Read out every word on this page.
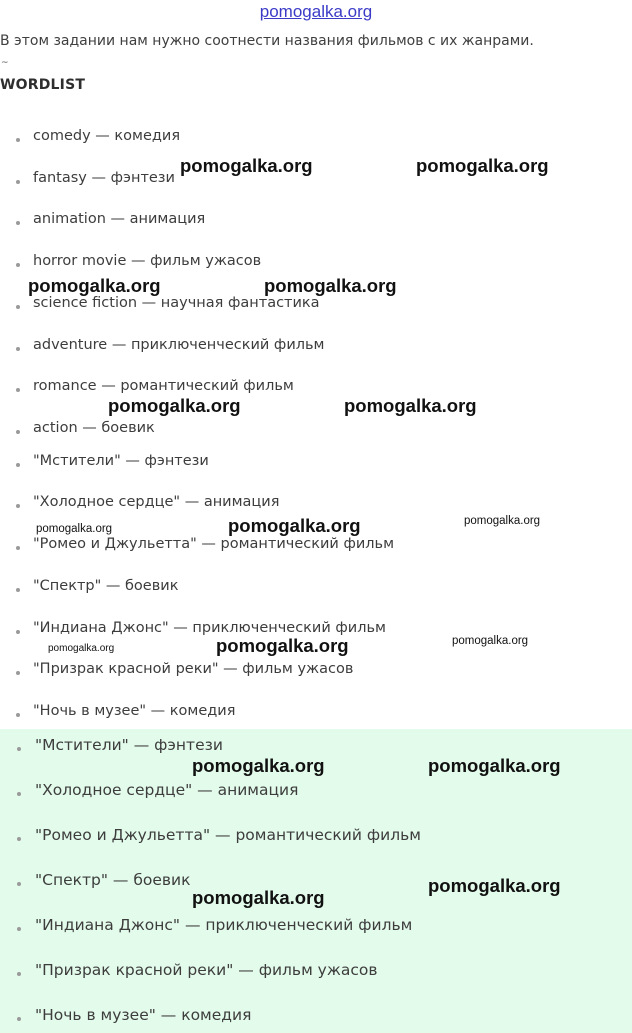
pomogalka.org
В этом задании нам нужно соотнести названия фильмов с их жанрами.
~
WORDLIST
comedy — комедия
fantasy — фэнтези
animation — анимация
horror movie — фильм ужасов
science fiction — научная фантастика
adventure — приключенческий фильм
romance — романтический фильм
action — боевик
"Мстители" — фэнтези
"Холодное сердце" — анимация
"Ромео и Джульетта" — романтический фильм
"Спектр" — боевик
"Индиана Джонс" — приключенческий фильм
"Призрак красной реки" — фильм ужасов
"Ночь в музее" — комедия
"Мстители" — фэнтези
"Холодное сердце" — анимация
"Ромео и Джульетта" — романтический фильм
"Спектр" — боевик
"Индиана Джонс" — приключенческий фильм
"Призрак красной реки" — фильм ужасов
"Ночь в музее" — комедия
pomogalka.org	pomogalka.org
pomogalka.org	pomogalka.org
pomogalka.org	pomogalka.org
pomogalka.org	pomogalka.org	pomogalka.org
pomogalka.org	pomogalka.org	pomogalka.org
pomogalka.org	pomogalka.org
pomogalka.org
pomogalka.org
